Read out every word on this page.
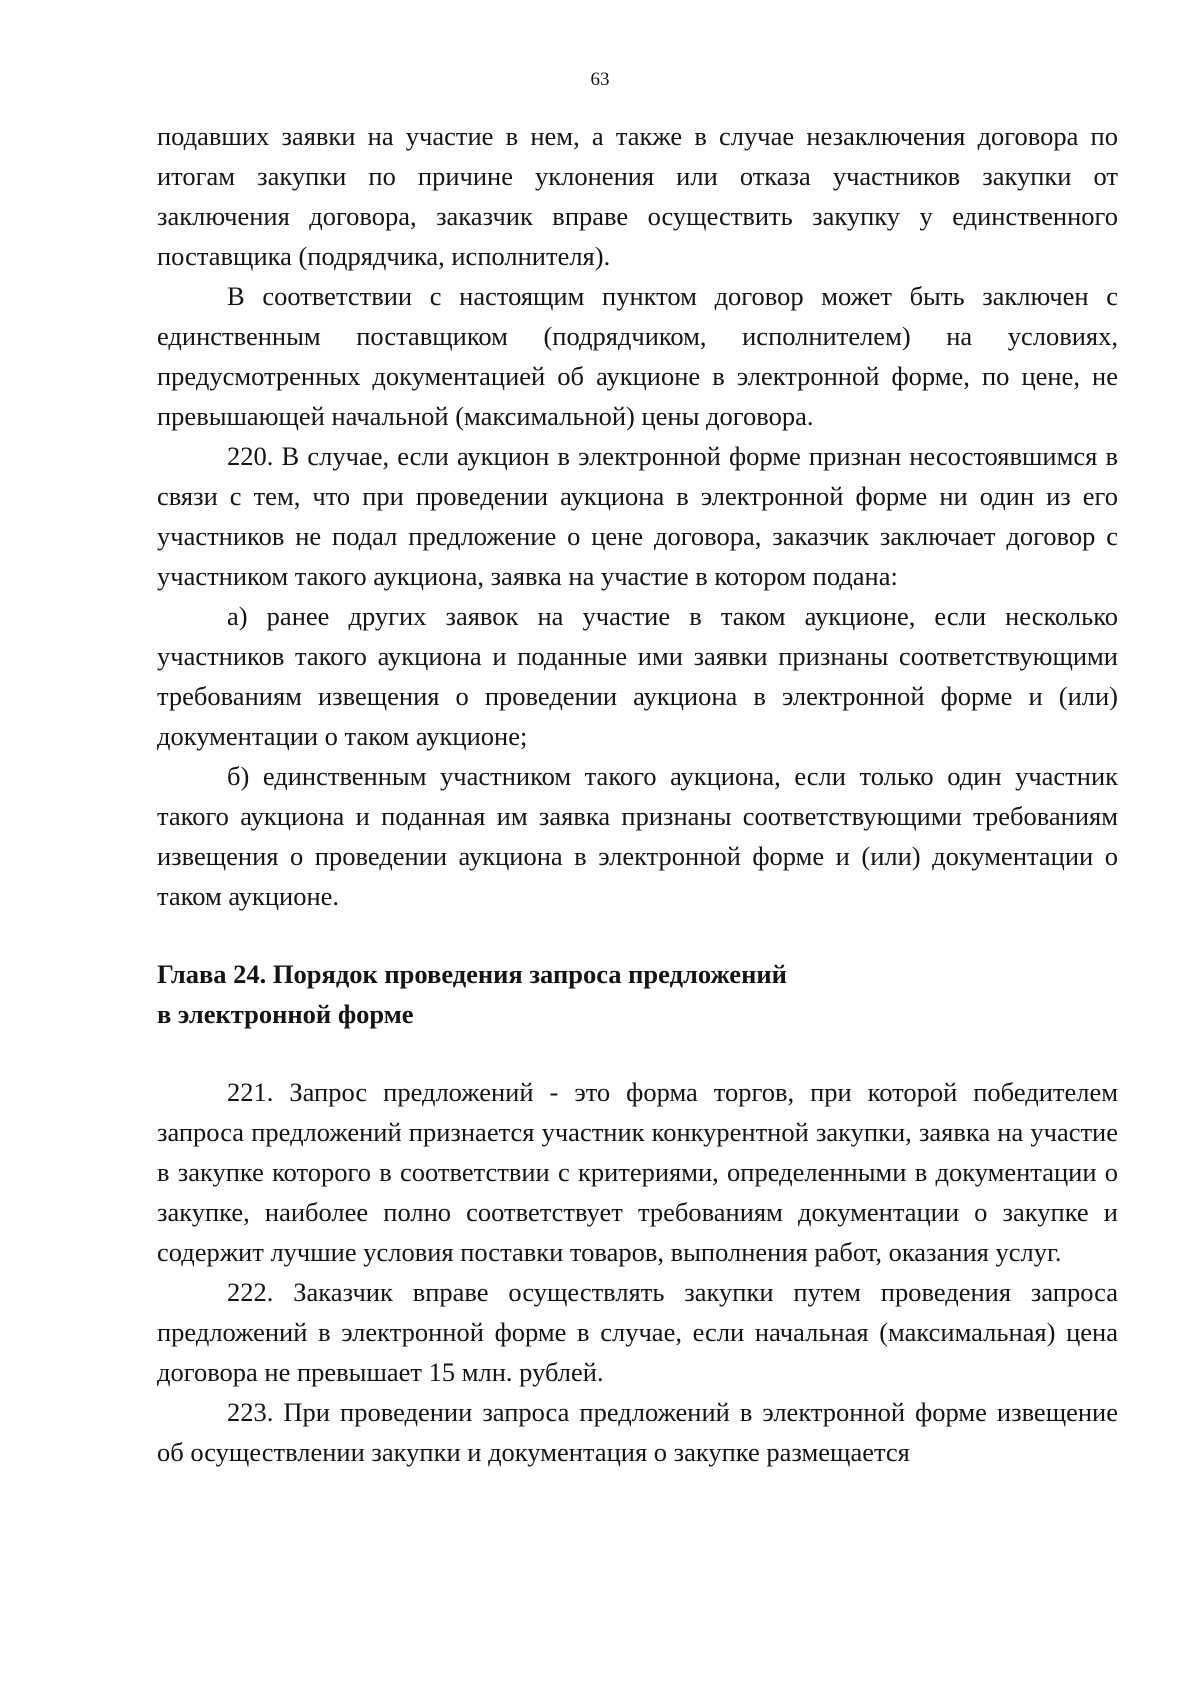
63

подавших заявки на участие в нем, а также в случае незаключения договора по итогам закупки по причине уклонения или отказа участников закупки от заключения договора, заказчик вправе осуществить закупку у единственного поставщика (подрядчика, исполнителя).

В соответствии с настоящим пунктом договор может быть заключен с единственным поставщиком (подрядчиком, исполнителем) на условиях, предусмотренных документацией об аукционе в электронной форме, по цене, не превышающей начальной (максимальной) цены договора.

220. В случае, если аукцион в электронной форме признан несостоявшимся в связи с тем, что при проведении аукциона в электронной форме ни один из его участников не подал предложение о цене договора, заказчик заключает договор с участником такого аукциона, заявка на участие в котором подана:

а) ранее других заявок на участие в таком аукционе, если несколько участников такого аукциона и поданные ими заявки признаны соответствующими требованиям извещения о проведении аукциона в электронной форме и (или) документации о таком аукционе;

б) единственным участником такого аукциона, если только один участник такого аукциона и поданная им заявка признаны соответствующими требованиям извещения о проведении аукциона в электронной форме и (или) документации о таком аукционе.

Глава 24. Порядок проведения запроса предложений
в электронной форме

221. Запрос предложений - это форма торгов, при которой победителем запроса предложений признается участник конкурентной закупки, заявка на участие в закупке которого в соответствии с критериями, определенными в документации о закупке, наиболее полно соответствует требованиям документации о закупке и содержит лучшие условия поставки товаров, выполнения работ, оказания услуг.

222. Заказчик вправе осуществлять закупки путем проведения запроса предложений в электронной форме в случае, если начальная (максимальная) цена договора не превышает 15 млн. рублей.

223. При проведении запроса предложений в электронной форме извещение об осуществлении закупки и документация о закупке размещается
